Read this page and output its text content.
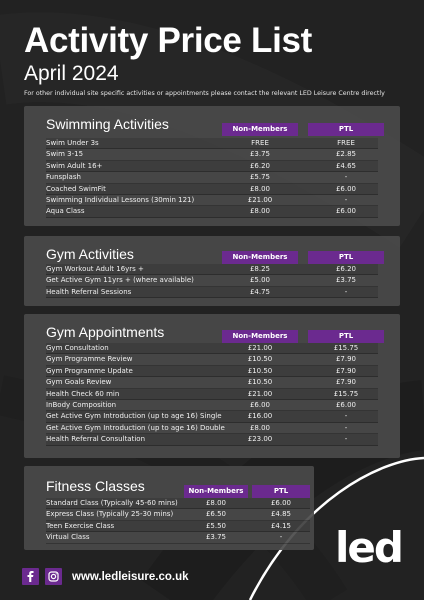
Activity Price List
April 2024
For other individual site specific activities or appointments please contact the relevant LED Leisure Centre directly
Swimming Activities	Non-Members	PTL
Swim Under 3s	FREE	FREE
Swim 3-15	£3.75	£2.85
Swim Adult 16+	£6.20	£4.65
Funsplash	£5.75	-
Coached SwimFit	£8.00	£6.00
Swimming Individual Lessons (30min 121)	£21.00	-
Aqua Class	£8.00	£6.00
Gym Activities	Non-Members	PTL
Gym Workout Adult 16yrs +	£8.25	£6.20
Get Active Gym 11yrs + (where available)	£5.00	£3.75
Health Referral Sessions	£4.75	-
Gym Appointments	Non-Members	PTL
Gym Consultation	£21.00	£15.75
Gym Programme Review	£10.50	£7.90
Gym Programme Update	£10.50	£7.90
Gym Goals Review	£10.50	£7.90
Health Check 60 min	£21.00	£15.75
InBody Composition	£6.00	£6.00
Get Active Gym Introduction (up to age 16) Single	£16.00	-
Get Active Gym Introduction (up to age 16) Double	£8.00	-
Health Referral Consultation	£23.00	-
Fitness Classes	Non-Members	PTL
Standard Class (Typically 45-60 mins)	£8.00	£6.00
Express Class (Typically 25-30 mins)	£6.50	£4.85
Teen Exercise Class	£5.50	£4.15
Virtual Class	£3.75	-
www.ledleisure.co.uk
led
